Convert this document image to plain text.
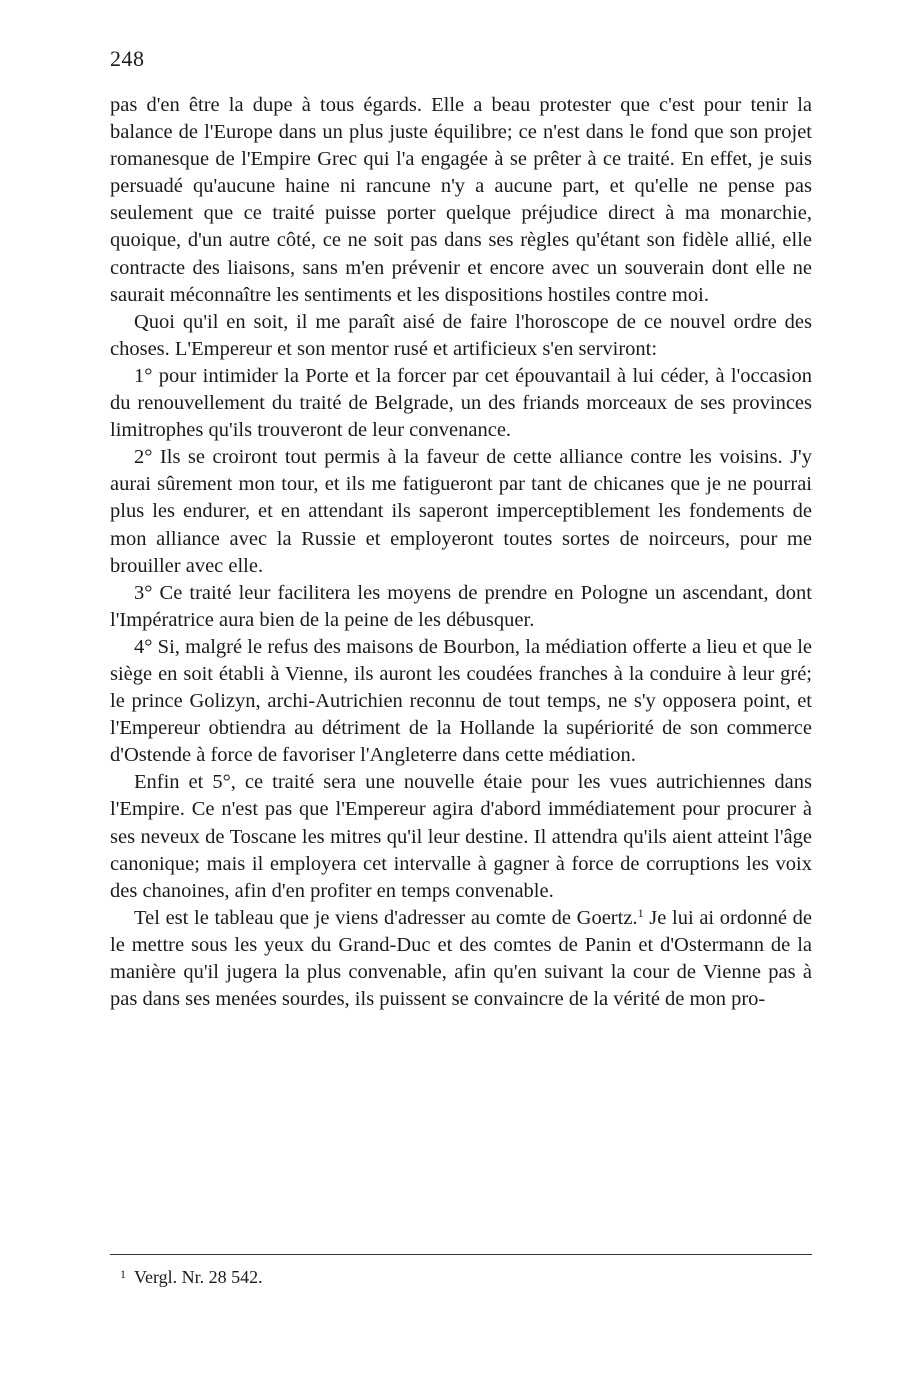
248

pas d'en être la dupe à tous égards. Elle a beau protester que c'est pour tenir la balance de l'Europe dans un plus juste équilibre; ce n'est dans le fond que son projet romanesque de l'Empire Grec qui l'a engagée à se prêter à ce traité. En effet, je suis persuadé qu'aucune haine ni rancune n'y a aucune part, et qu'elle ne pense pas seulement que ce traité puisse porter quelque préjudice direct à ma monarchie, quoique, d'un autre côté, ce ne soit pas dans ses règles qu'étant son fidèle allié, elle contracte des liaisons, sans m'en prévenir et encore avec un souverain dont elle ne saurait méconnaître les sentiments et les dispositions hostiles contre moi.

Quoi qu'il en soit, il me paraît aisé de faire l'horoscope de ce nouvel ordre des choses. L'Empereur et son mentor rusé et artificieux s'en serviront:

1° pour intimider la Porte et la forcer par cet épouvantail à lui céder, à l'occasion du renouvellement du traité de Belgrade, un des friands morceaux de ses provinces limitrophes qu'ils trouveront de leur convenance.

2° Ils se croiront tout permis à la faveur de cette alliance contre les voisins. J'y aurai sûrement mon tour, et ils me fatigueront par tant de chicanes que je ne pourrai plus les endurer, et en attendant ils saperont imperceptiblement les fondements de mon alliance avec la Russie et employeront toutes sortes de noirceurs, pour me brouiller avec elle.

3° Ce traité leur facilitera les moyens de prendre en Pologne un ascendant, dont l'Impératrice aura bien de la peine de les débusquer.

4° Si, malgré le refus des maisons de Bourbon, la médiation offerte a lieu et que le siège en soit établi à Vienne, ils auront les coudées franches à la conduire à leur gré; le prince Golizyn, archi-Autrichien reconnu de tout temps, ne s'y opposera point, et l'Empereur obtiendra au détriment de la Hollande la supériorité de son commerce d'Ostende à force de favoriser l'Angleterre dans cette médiation.

Enfin et 5°, ce traité sera une nouvelle étaie pour les vues autrichiennes dans l'Empire. Ce n'est pas que l'Empereur agira d'abord immédiatement pour procurer à ses neveux de Toscane les mitres qu'il leur destine. Il attendra qu'ils aient atteint l'âge canonique; mais il employera cet intervalle à gagner à force de corruptions les voix des chanoines, afin d'en profiter en temps convenable.

Tel est le tableau que je viens d'adresser au comte de Goertz.$^1$ Je lui ai ordonné de le mettre sous les yeux du Grand-Duc et des comtes de Panin et d'Ostermann de la manière qu'il jugera la plus convenable, afin qu'en suivant la cour de Vienne pas à pas dans ses menées sourdes, ils puissent se convaincre de la vérité de mon pro-

$^1$ Vergl. Nr. 28 542.
